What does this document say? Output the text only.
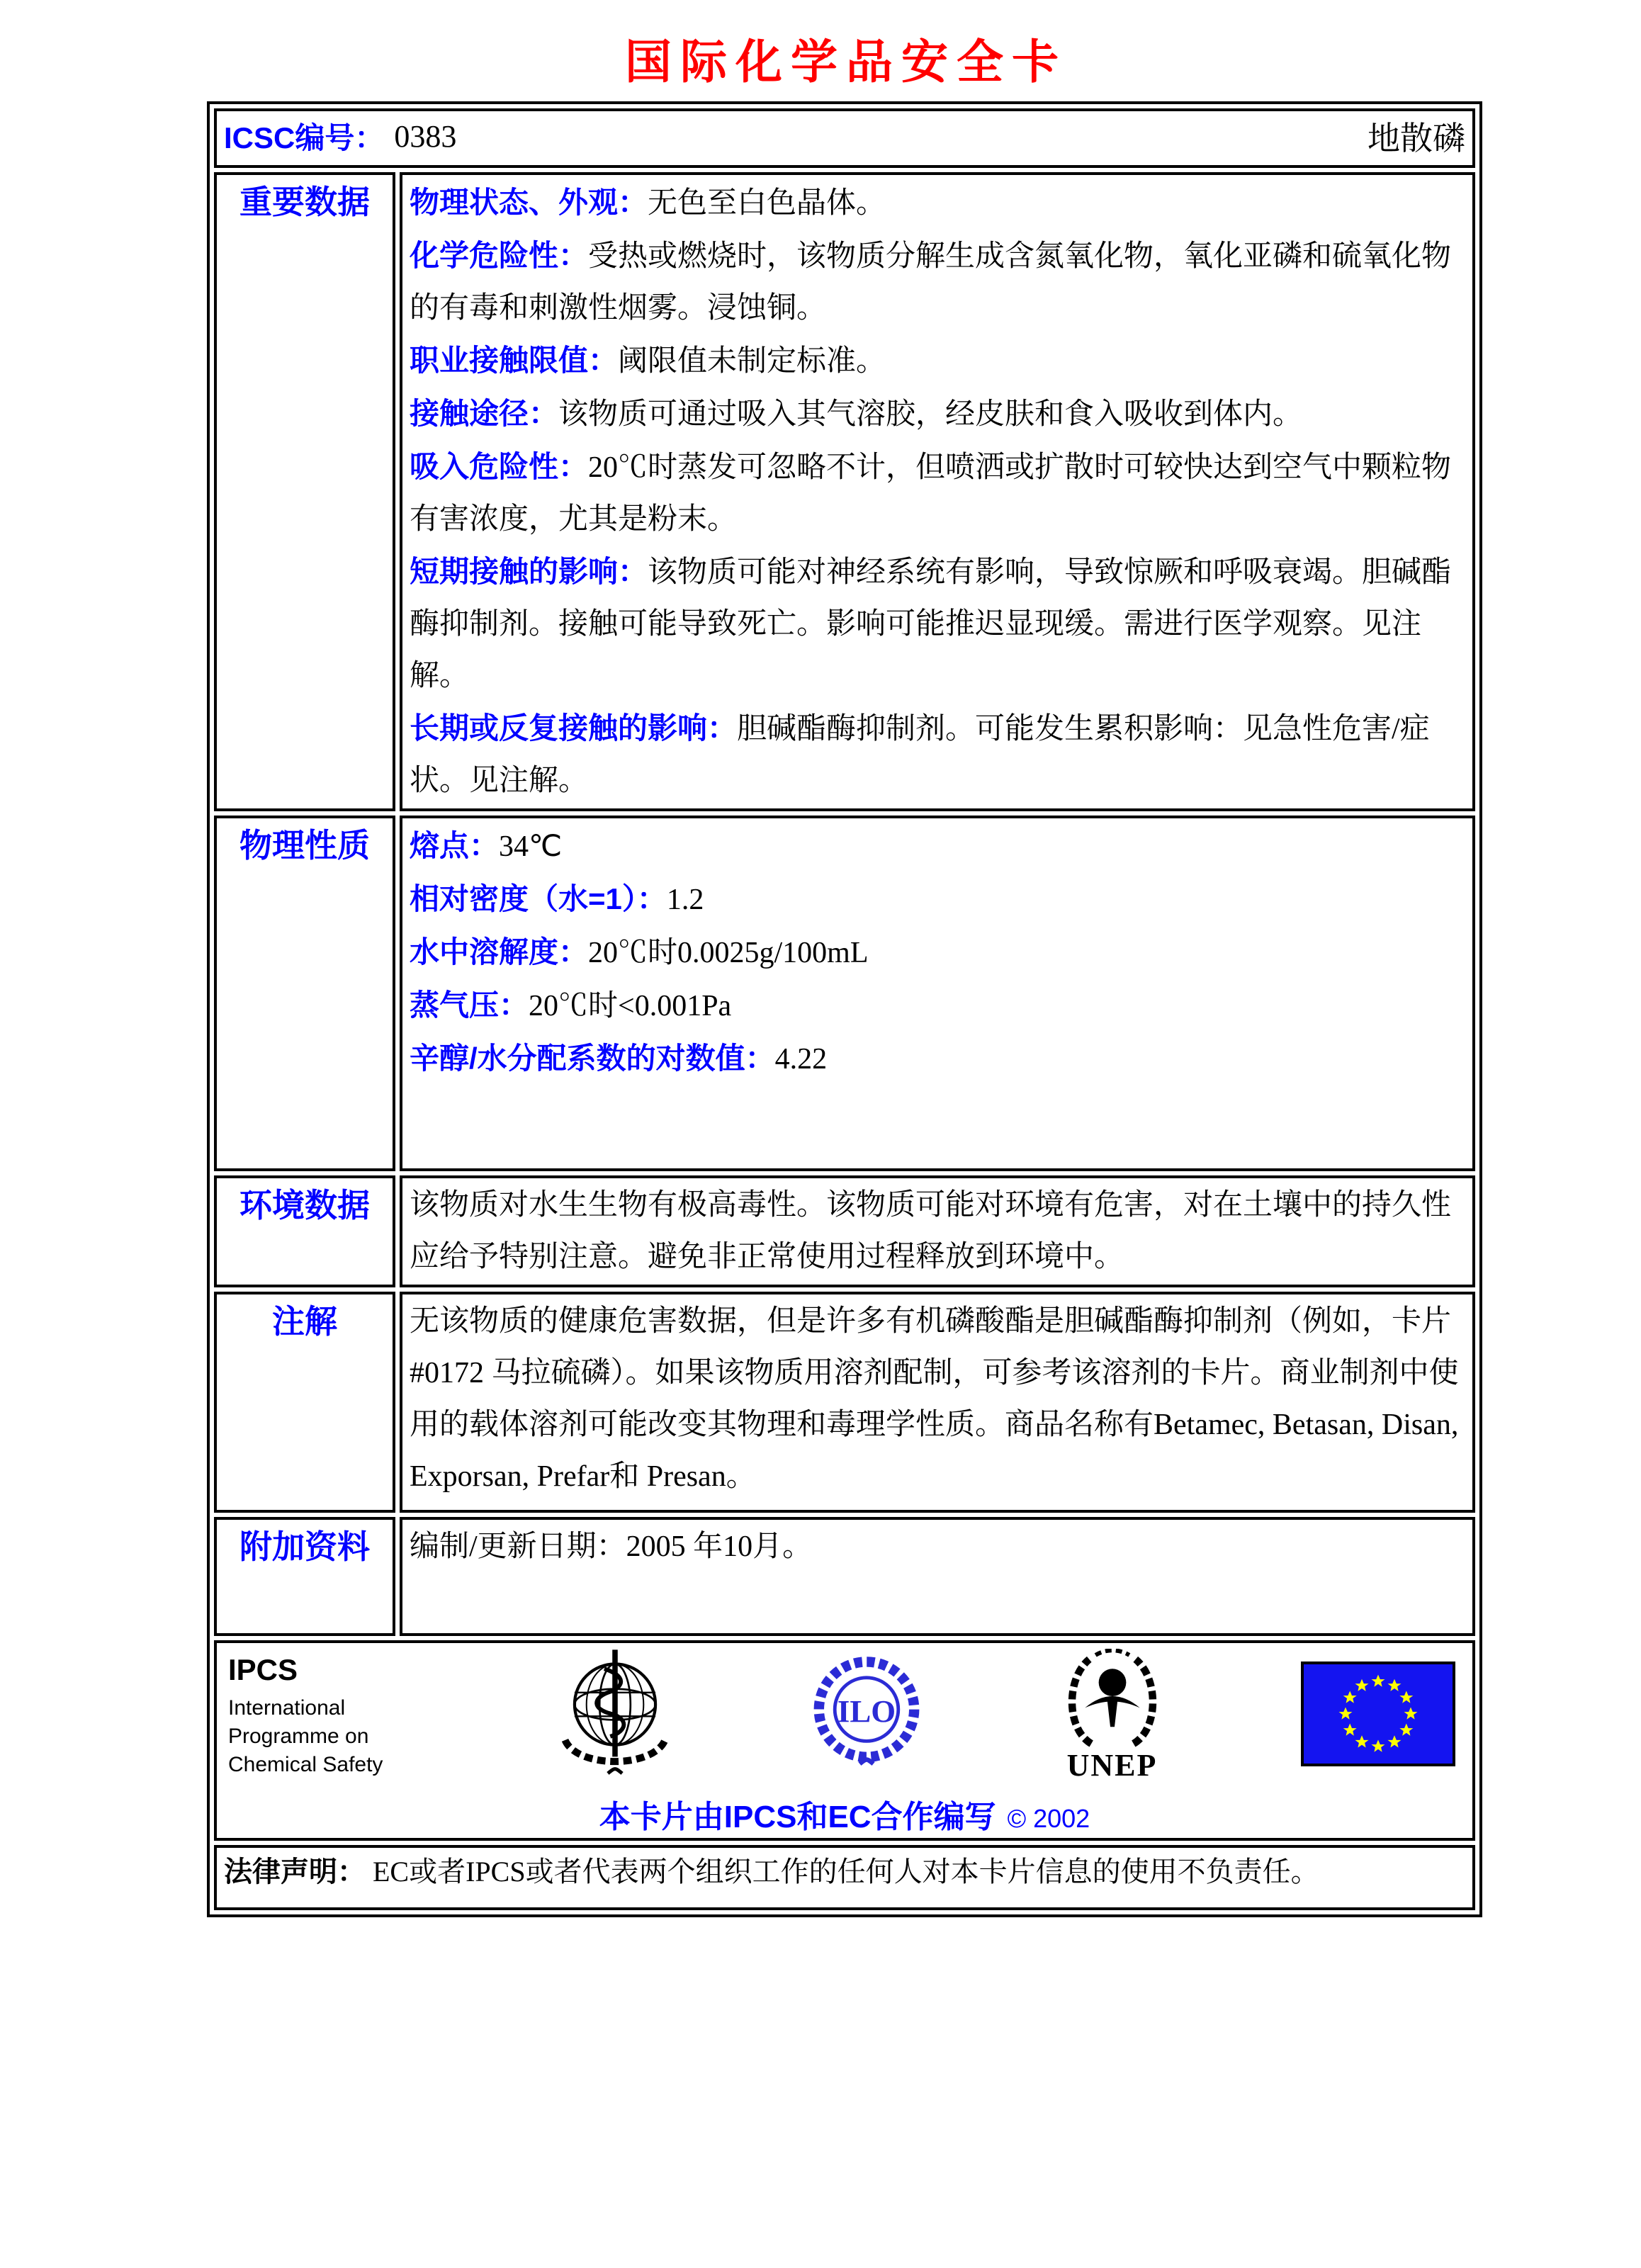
国际化学品安全卡
ICSC编号： 0383 地散磷	

重要数据	物理状态、外观：无色至白色晶体。

化学危险性：受热或燃烧时，该物质分解生成含氮氧化物，氧化亚磷和硫氧化物的有毒和刺激性烟雾。浸蚀铜。

职业接触限值：阈限值未制定标准。

接触途径：该物质可通过吸入其气溶胶，经皮肤和食入吸收到体内。

吸入危险性：20℃时蒸发可忽略不计，但喷洒或扩散时可较快达到空气中颗粒物有害浓度，尤其是粉末。

短期接触的影响：该物质可能对神经系统有影响，导致惊厥和呼吸衰竭。胆碱酯酶抑制剂。接触可能导致死亡。影响可能推迟显现缓。需进行医学观察。见注解。

长期或反复接触的影响：胆碱酯酶抑制剂。可能发生累积影响：见急性危害/症状。见注解。

物理性质	熔点：34℃

相对密度（水=1）：1.2

水中溶解度：20℃时0.0025g/100mL

蒸气压：20℃时<0.001Pa

辛醇/水分配系数的对数值：4.22

环境数据	该物质对水生生物有极高毒性。该物质可能对环境有危害，对在土壤中的持久性应给予特别注意。避免非正常使用过程释放到环境中。

注解	无该物质的健康危害数据，但是许多有机磷酸酯是胆碱酯酶抑制剂（例如，卡片#0172 马拉硫磷）。如果该物质用溶剂配制，可参考该溶剂的卡片。商业制剂中使用的载体溶剂可能改变其物理和毒理学性质。商品名称有Betamec, Betasan, Disan, Exporsan, Prefar和 Presan。

附加资料	编制/更新日期：2005 年10月。

IPCS
International
Programme on
Chemical Safety
ILO
UNEP
本卡片由IPCS和EC合作编写 © 2002

法律声明： EC或者IPCS或者代表两个组织工作的任何人对本卡片信息的使用不负责任。	
